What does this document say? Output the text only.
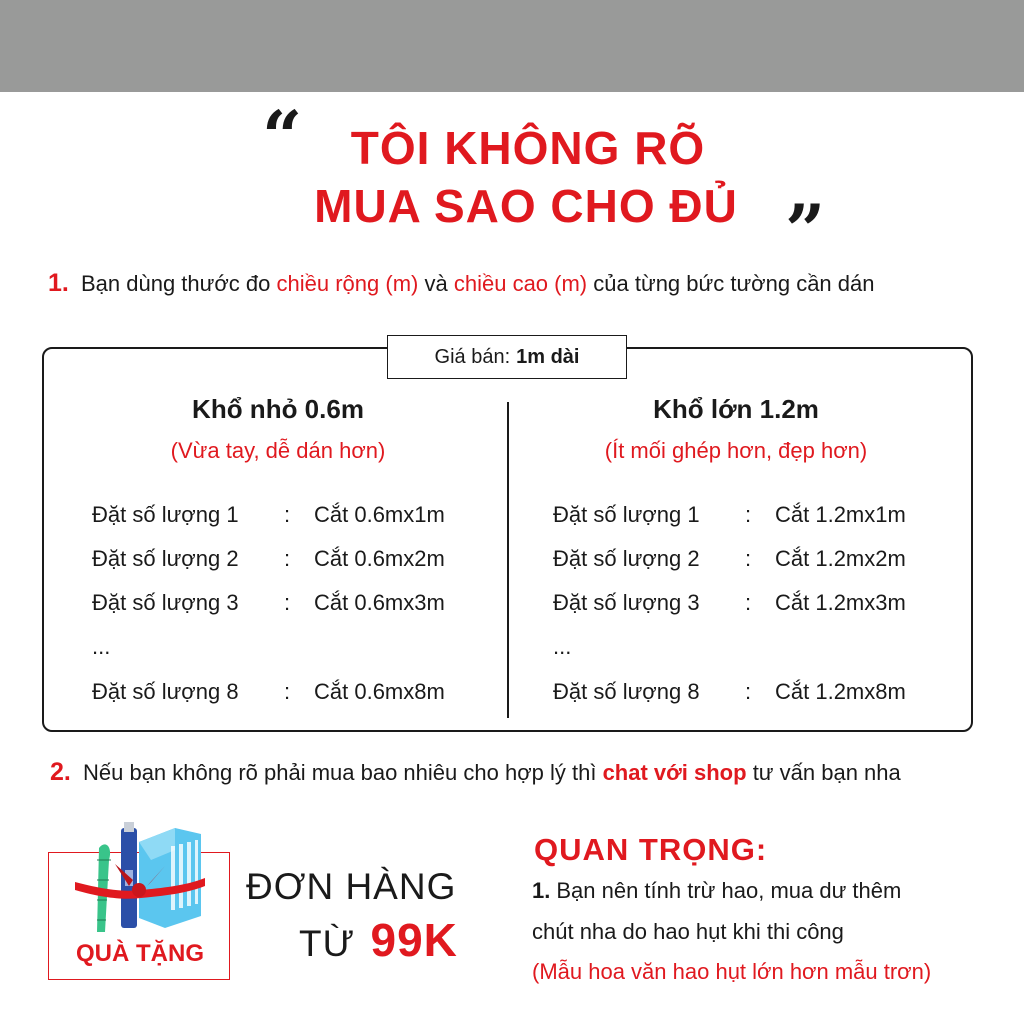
“	TÔI KHÔNG RÕ
MUA SAO CHO ĐỦ ”
1. Bạn dùng thước đo chiều rộng (m) và chiều cao (m) của từng bức tường cần dán
Giá bán: 1m dài
Khổ nhỏ 0.6m
(Vừa tay, dễ dán hơn)
Đặt số lượng 1 : Cắt 0.6mx1m
Đặt số lượng 2 : Cắt 0.6mx2m
Đặt số lượng 3 : Cắt 0.6mx3m
...
Đặt số lượng 8 : Cắt 0.6mx8m
Khổ lớn 1.2m
(Ít mối ghép hơn, đẹp hơn)
Đặt số lượng 1 : Cắt 1.2mx1m
Đặt số lượng 2 : Cắt 1.2mx2m
Đặt số lượng 3 : Cắt 1.2mx3m
...
Đặt số lượng 8 : Cắt 1.2mx8m
2. Nếu bạn không rõ phải mua bao nhiêu cho hợp lý thì chat với shop tư vấn bạn nha
QUÀ TẶNG
ĐƠN HÀNG
TỪ 99K
QUAN TRỌNG:
1. Bạn nên tính trừ hao, mua dư thêm
chút nha do hao hụt khi thi công
(Mẫu hoa văn hao hụt lớn hơn mẫu trơn)
